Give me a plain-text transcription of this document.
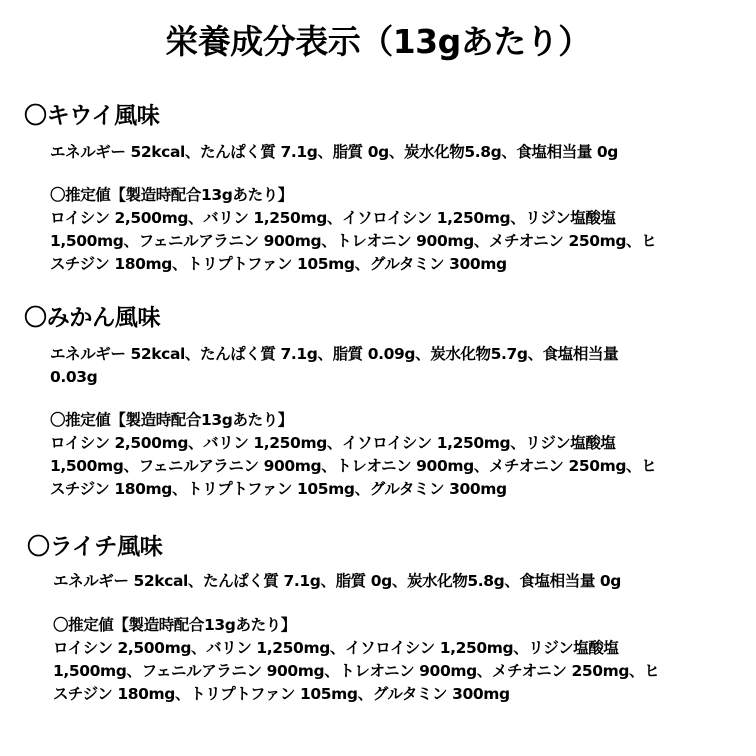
栄養成分表示（13gあたり）
〇キウイ風味
エネルギー 52kcal、たんぱく質 7.1g、脂質 0g、炭水化物5.8g、食塩相当量 0g
〇推定値【製造時配合13gあたり】
ロイシン 2,500mg、バリン 1,250mg、イソロイシン 1,250mg、リジン塩酸塩
1,500mg、フェニルアラニン 900mg、トレオニン 900mg、メチオニン 250mg、ヒ
スチジン 180mg、トリプトファン 105mg、グルタミン 300mg
〇みかん風味
エネルギー 52kcal、たんぱく質 7.1g、脂質 0.09g、炭水化物5.7g、食塩相当量
0.03g
〇推定値【製造時配合13gあたり】
ロイシン 2,500mg、バリン 1,250mg、イソロイシン 1,250mg、リジン塩酸塩
1,500mg、フェニルアラニン 900mg、トレオニン 900mg、メチオニン 250mg、ヒ
スチジン 180mg、トリプトファン 105mg、グルタミン 300mg
〇ライチ風味
エネルギー 52kcal、たんぱく質 7.1g、脂質 0g、炭水化物5.8g、食塩相当量 0g
〇推定値【製造時配合13gあたり】
ロイシン 2,500mg、バリン 1,250mg、イソロイシン 1,250mg、リジン塩酸塩
1,500mg、フェニルアラニン 900mg、トレオニン 900mg、メチオニン 250mg、ヒ
スチジン 180mg、トリプトファン 105mg、グルタミン 300mg
